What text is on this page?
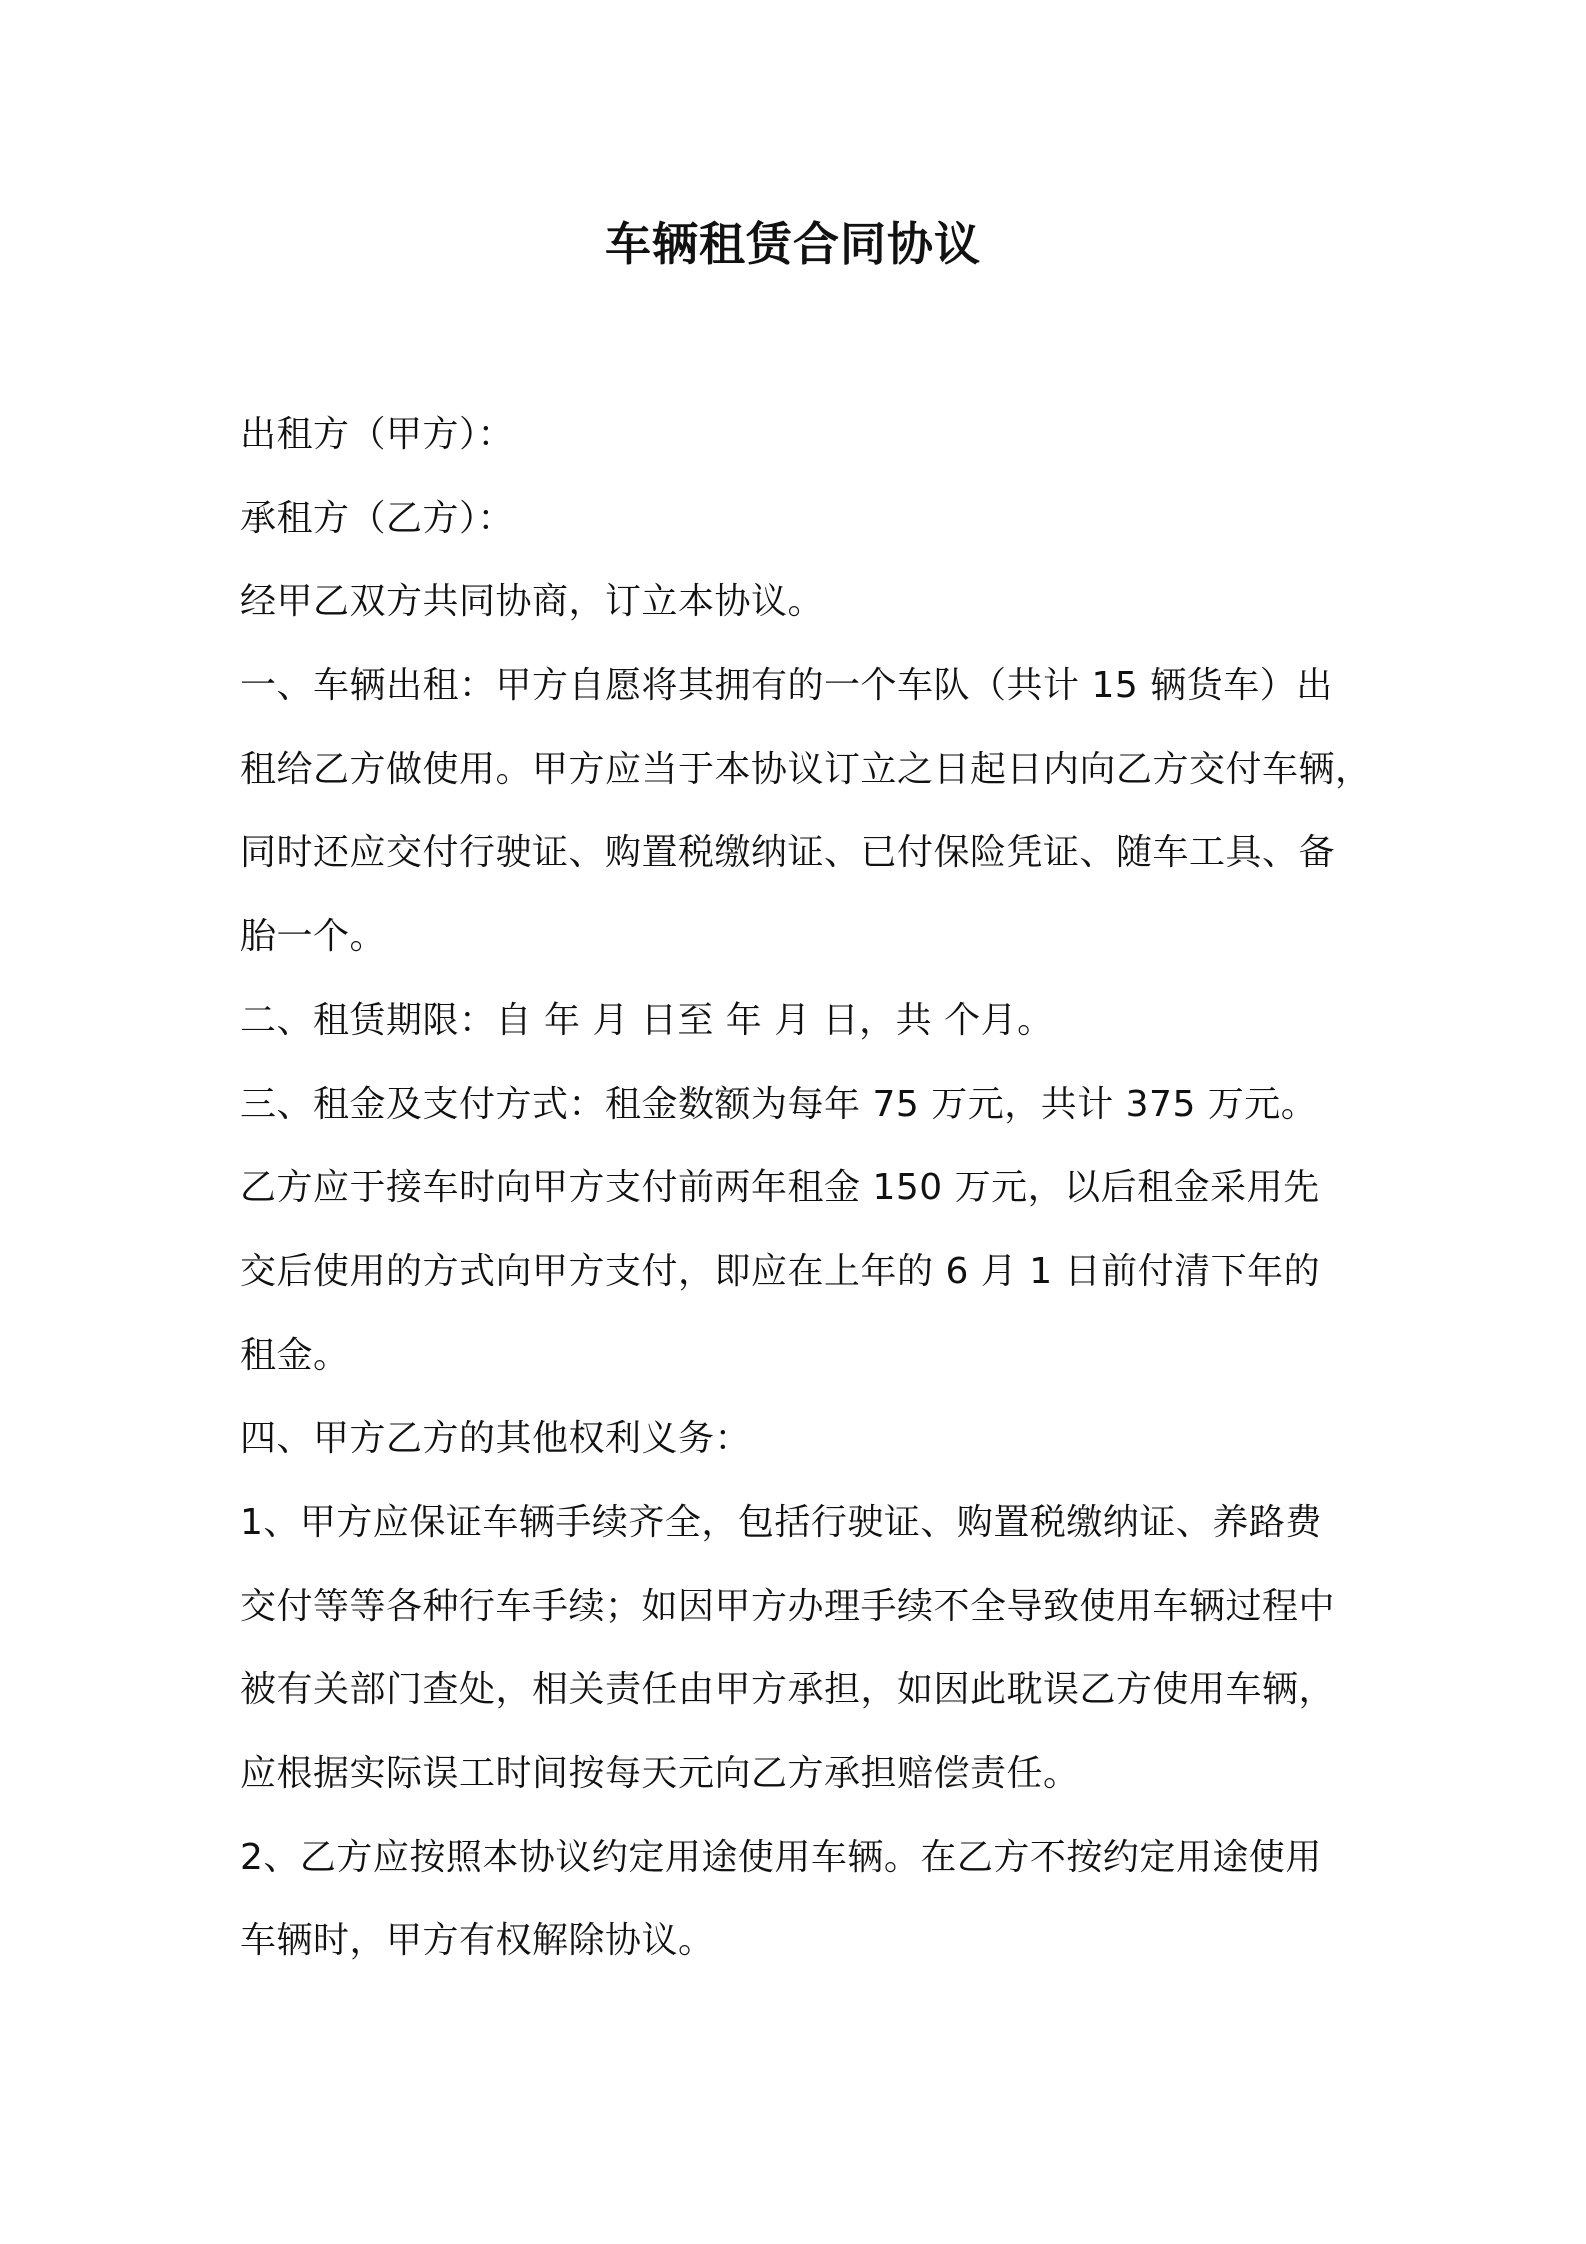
车辆租赁合同协议
出租方（甲方）：
承租方（乙方）：
经甲乙双方共同协商，订立本协议。
一、车辆出租：甲方自愿将其拥有的一个车队（共计 15 辆货车）出
租给乙方做使用。甲方应当于本协议订立之日起日内向乙方交付车辆，
同时还应交付行驶证、购置税缴纳证、已付保险凭证、随车工具、备
胎一个。
二、租赁期限：自 年 月 日至 年 月 日，共 个月。
三、租金及支付方式：租金数额为每年 75 万元，共计 375 万元。
乙方应于接车时向甲方支付前两年租金 150 万元，以后租金采用先
交后使用的方式向甲方支付，即应在上年的 6 月 1 日前付清下年的
租金。
四、甲方乙方的其他权利义务：
1、甲方应保证车辆手续齐全，包括行驶证、购置税缴纳证、养路费
交付等等各种行车手续；如因甲方办理手续不全导致使用车辆过程中
被有关部门查处，相关责任由甲方承担，如因此耽误乙方使用车辆，
应根据实际误工时间按每天元向乙方承担赔偿责任。
2、乙方应按照本协议约定用途使用车辆。在乙方不按约定用途使用
车辆时，甲方有权解除协议。
